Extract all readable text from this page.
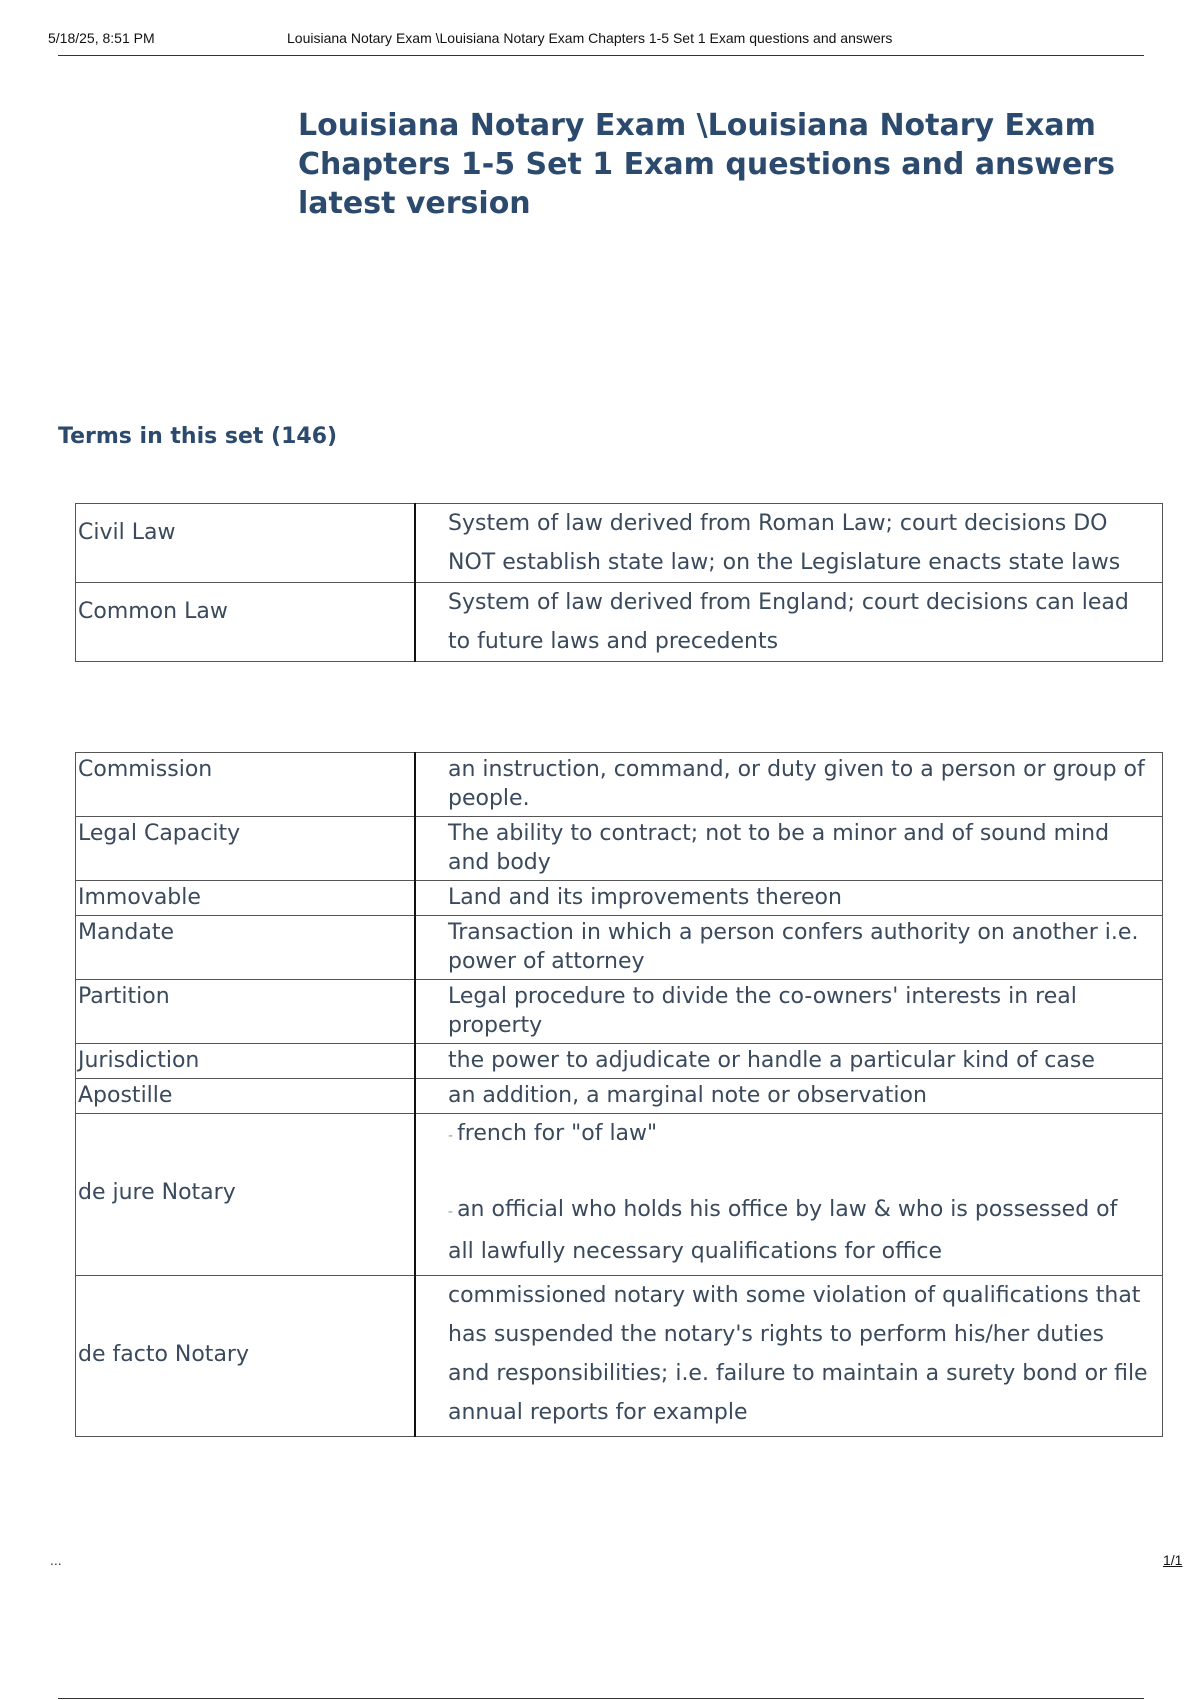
5/18/25, 8:51 PM	Louisiana Notary Exam \Louisiana Notary Exam Chapters 1-5 Set 1 Exam questions and answers
Louisiana Notary Exam \Louisiana Notary Exam Chapters 1-5 Set 1 Exam questions and answers latest version
Terms in this set (146)
Civil Law	System of law derived from Roman Law; court decisions DO NOT establish state law; on the Legislature enacts state laws

Common Law	System of law derived from England; court decisions can lead to future laws and precedents
Commission	an instruction, command, or duty given to a person or group of people.
Legal Capacity	The ability to contract; not to be a minor and of sound mind and body
Immovable	Land and its improvements thereon
Mandate	Transaction in which a person confers authority on another i.e. power of attorney
Partition	Legal procedure to divide the co-owners' interests in real property
Jurisdiction	the power to adjudicate or handle a particular kind of case
Apostille	an addition, a marginal note or observation
de jure Notary	- french for "of law"
- an official who holds his office by law & who is possessed of all lawfully necessary qualifications for office

de facto Notary	commissioned notary with some violation of qualifications that has suspended the notary's rights to perform his/her duties and responsibilities; i.e. failure to maintain a surety bond or file annual reports for example
...	1/1
